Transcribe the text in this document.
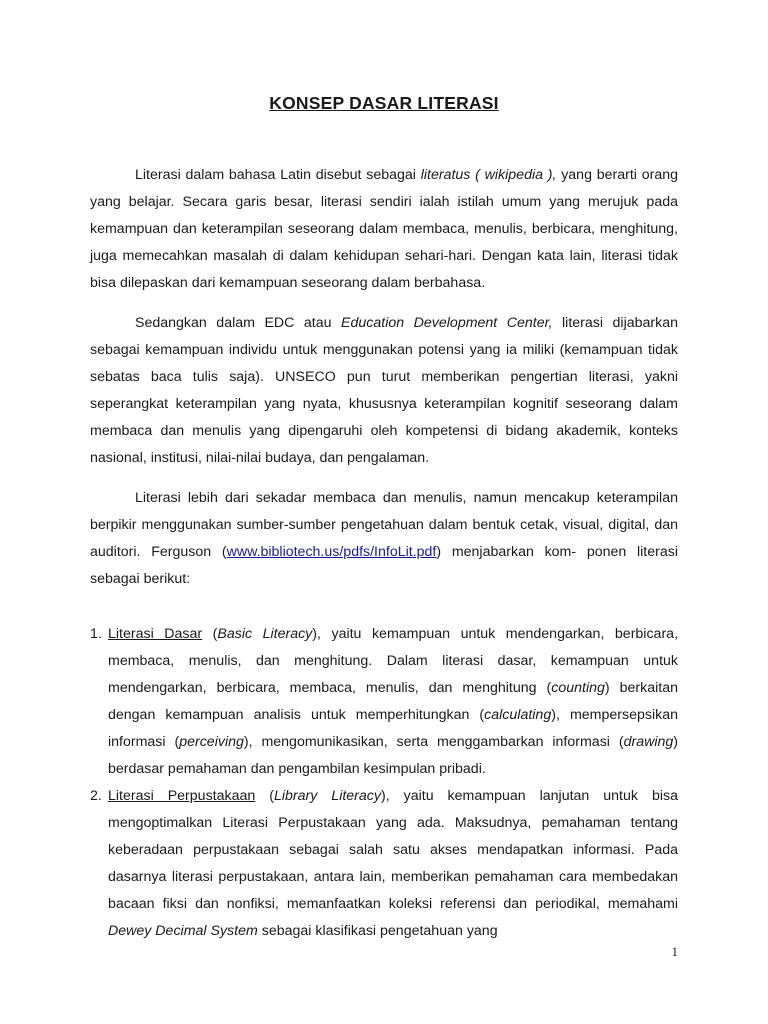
KONSEP DASAR LITERASI

Literasi dalam bahasa Latin disebut sebagai literatus ( wikipedia ), yang berarti orang yang belajar. Secara garis besar, literasi sendiri ialah istilah umum yang merujuk pada kemampuan dan keterampilan seseorang dalam membaca, menulis, berbicara, menghitung, juga memecahkan masalah di dalam kehidupan sehari-hari. Dengan kata lain, literasi tidak bisa dilepaskan dari kemampuan seseorang dalam berbahasa.

Sedangkan dalam EDC atau Education Development Center, literasi dijabarkan sebagai kemampuan individu untuk menggunakan potensi yang ia miliki (kemampuan tidak sebatas baca tulis saja). UNSECO pun turut memberikan pengertian literasi, yakni seperangkat keterampilan yang nyata, khususnya keterampilan kognitif seseorang dalam membaca dan menulis yang dipengaruhi oleh kompetensi di bidang akademik, konteks nasional, institusi, nilai-nilai budaya, dan pengalaman.

Literasi lebih dari sekadar membaca dan menulis, namun mencakup keterampilan berpikir menggunakan sumber-sumber pengetahuan dalam bentuk cetak, visual, digital, dan auditori. Ferguson (www.bibliotech.us/pdfs/InfoLit.pdf) menjabarkan kom- ponen literasi sebagai berikut:

1. Literasi Dasar (Basic Literacy), yaitu kemampuan untuk mendengarkan, berbicara, membaca, menulis, dan menghitung. Dalam literasi dasar, kemampuan untuk mendengarkan, berbicara, membaca, menulis, dan menghitung (counting) berkaitan dengan kemampuan analisis untuk memperhitungkan (calculating), mempersepsikan informasi (perceiving), mengomunikasikan, serta menggambarkan informasi (drawing) berdasar pemahaman dan pengambilan kesimpulan pribadi.
2. Literasi Perpustakaan (Library Literacy), yaitu kemampuan lanjutan untuk bisa mengoptimalkan Literasi Perpustakaan yang ada. Maksudnya, pemahaman tentang keberadaan perpustakaan sebagai salah satu akses mendapatkan informasi. Pada dasarnya literasi perpustakaan, antara lain, memberikan pemahaman cara membedakan bacaan fiksi dan nonfiksi, memanfaatkan koleksi referensi dan periodikal, memahami Dewey Decimal System sebagai klasifikasi pengetahuan yang
1
